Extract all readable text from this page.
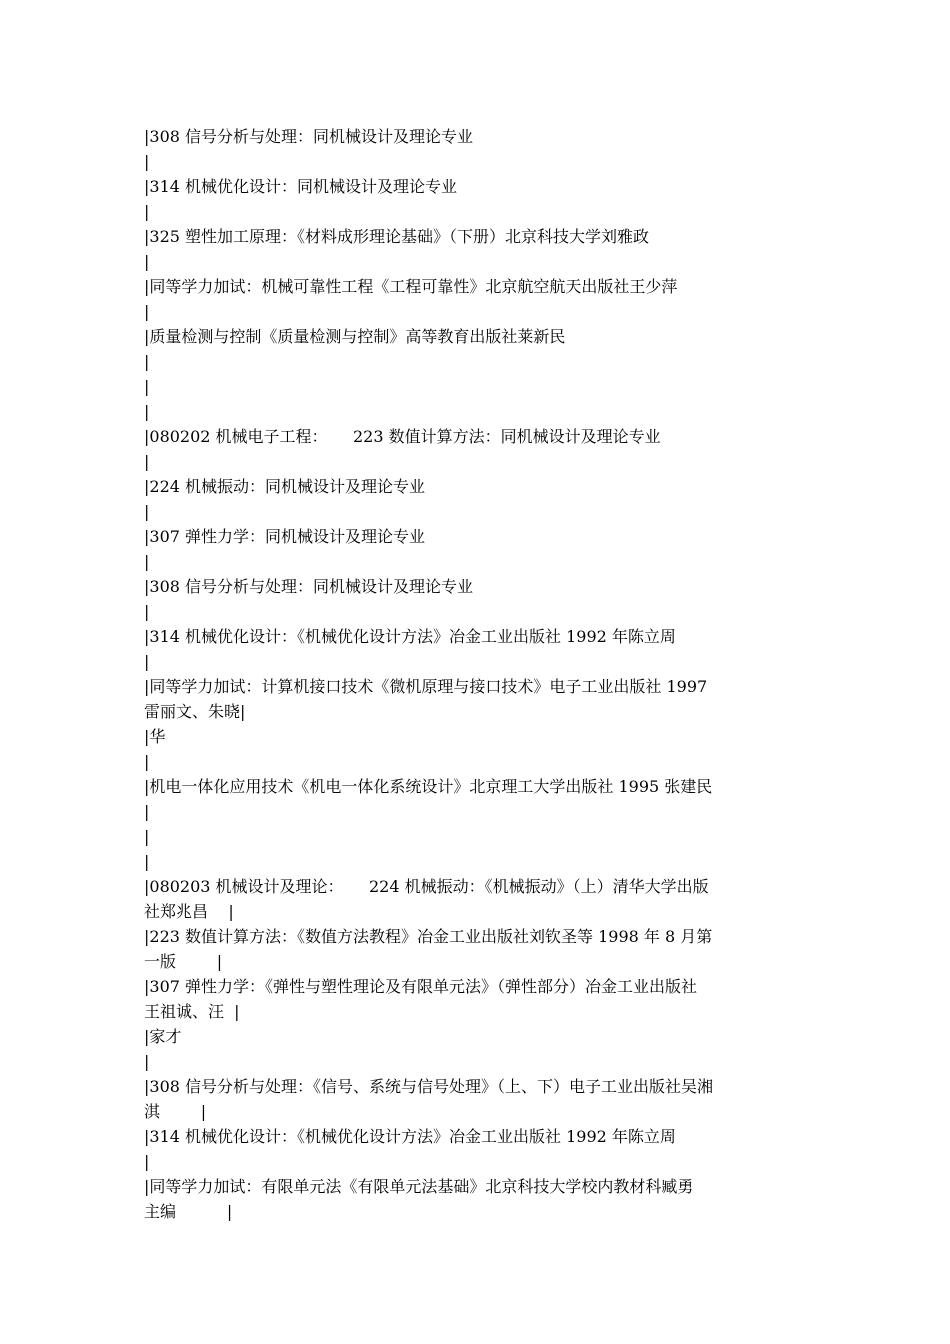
|308 信号分析与处理：同机械设计及理论专业
|
|314 机械优化设计：同机械设计及理论专业
|
|325 塑性加工原理：《材料成形理论基础》（下册）北京科技大学刘雅政
|
|同等学力加试：机械可靠性工程《工程可靠性》北京航空航天出版社王少萍
|
|质量检测与控制《质量检测与控制》高等教育出版社莱新民
|
|
|
|080202 机械电子工程：     223 数值计算方法：同机械设计及理论专业
|
|224 机械振动：同机械设计及理论专业
|
|307 弹性力学：同机械设计及理论专业
|
|308 信号分析与处理：同机械设计及理论专业
|
|314 机械优化设计：《机械优化设计方法》冶金工业出版社 1992 年陈立周
|
|同等学力加试：计算机接口技术《微机原理与接口技术》电子工业出版社 1997
雷丽文、朱晓|
|华
|
|机电一体化应用技术《机电一体化系统设计》北京理工大学出版社 1995 张建民
|
|
|
|080203 机械设计及理论：     224 机械振动：《机械振动》（上）清华大学出版
社郑兆昌    |
|223 数值计算方法：《数值方法教程》冶金工业出版社刘钦圣等 1998 年 8 月第
一版        |
|307 弹性力学：《弹性与塑性理论及有限单元法》（弹性部分）冶金工业出版社
王祖诚、汪  |
|家才
|
|308 信号分析与处理：《信号、系统与信号处理》（上、下）电子工业出版社吴湘
淇        |
|314 机械优化设计：《机械优化设计方法》冶金工业出版社 1992 年陈立周
|
|同等学力加试：有限单元法《有限单元法基础》北京科技大学校内教材科臧勇
主编          |
